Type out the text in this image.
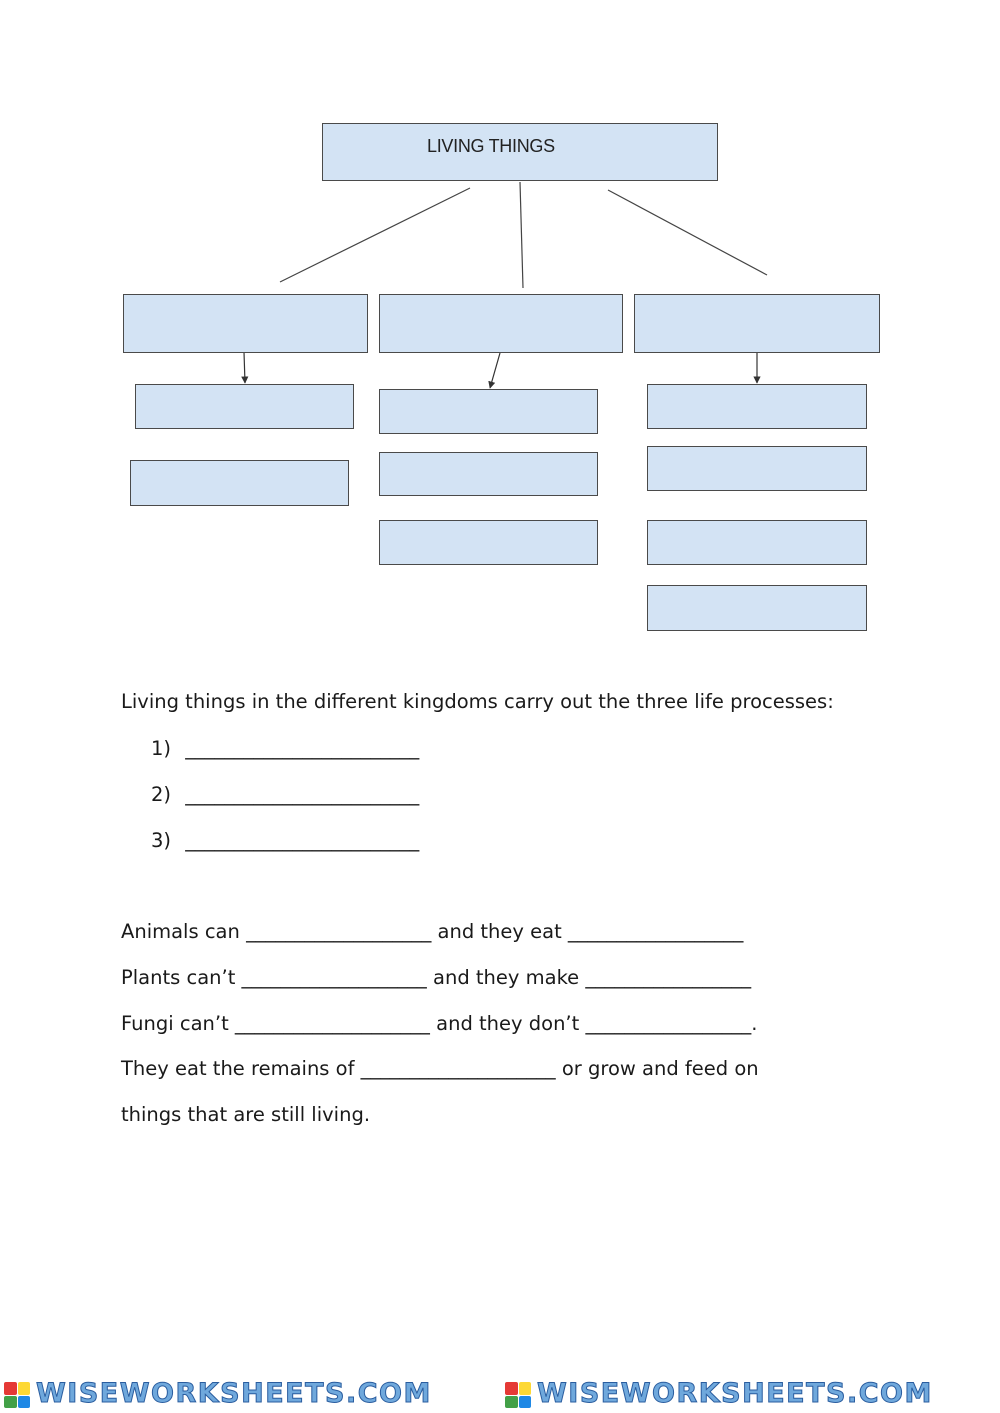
LIVING THINGS
Living things in the different kingdoms carry out the three life processes:
1) ________________________
2) ________________________
3) ________________________
Animals can ___________________ and they eat __________________
Plants can’t ___________________ and they make _________________
Fungi can’t ____________________ and they don’t _________________.
They eat the remains of ____________________ or grow and feed on
things that are still living.
WISEWORKSHEETS.COM	WISEWORKSHEETS.COM
